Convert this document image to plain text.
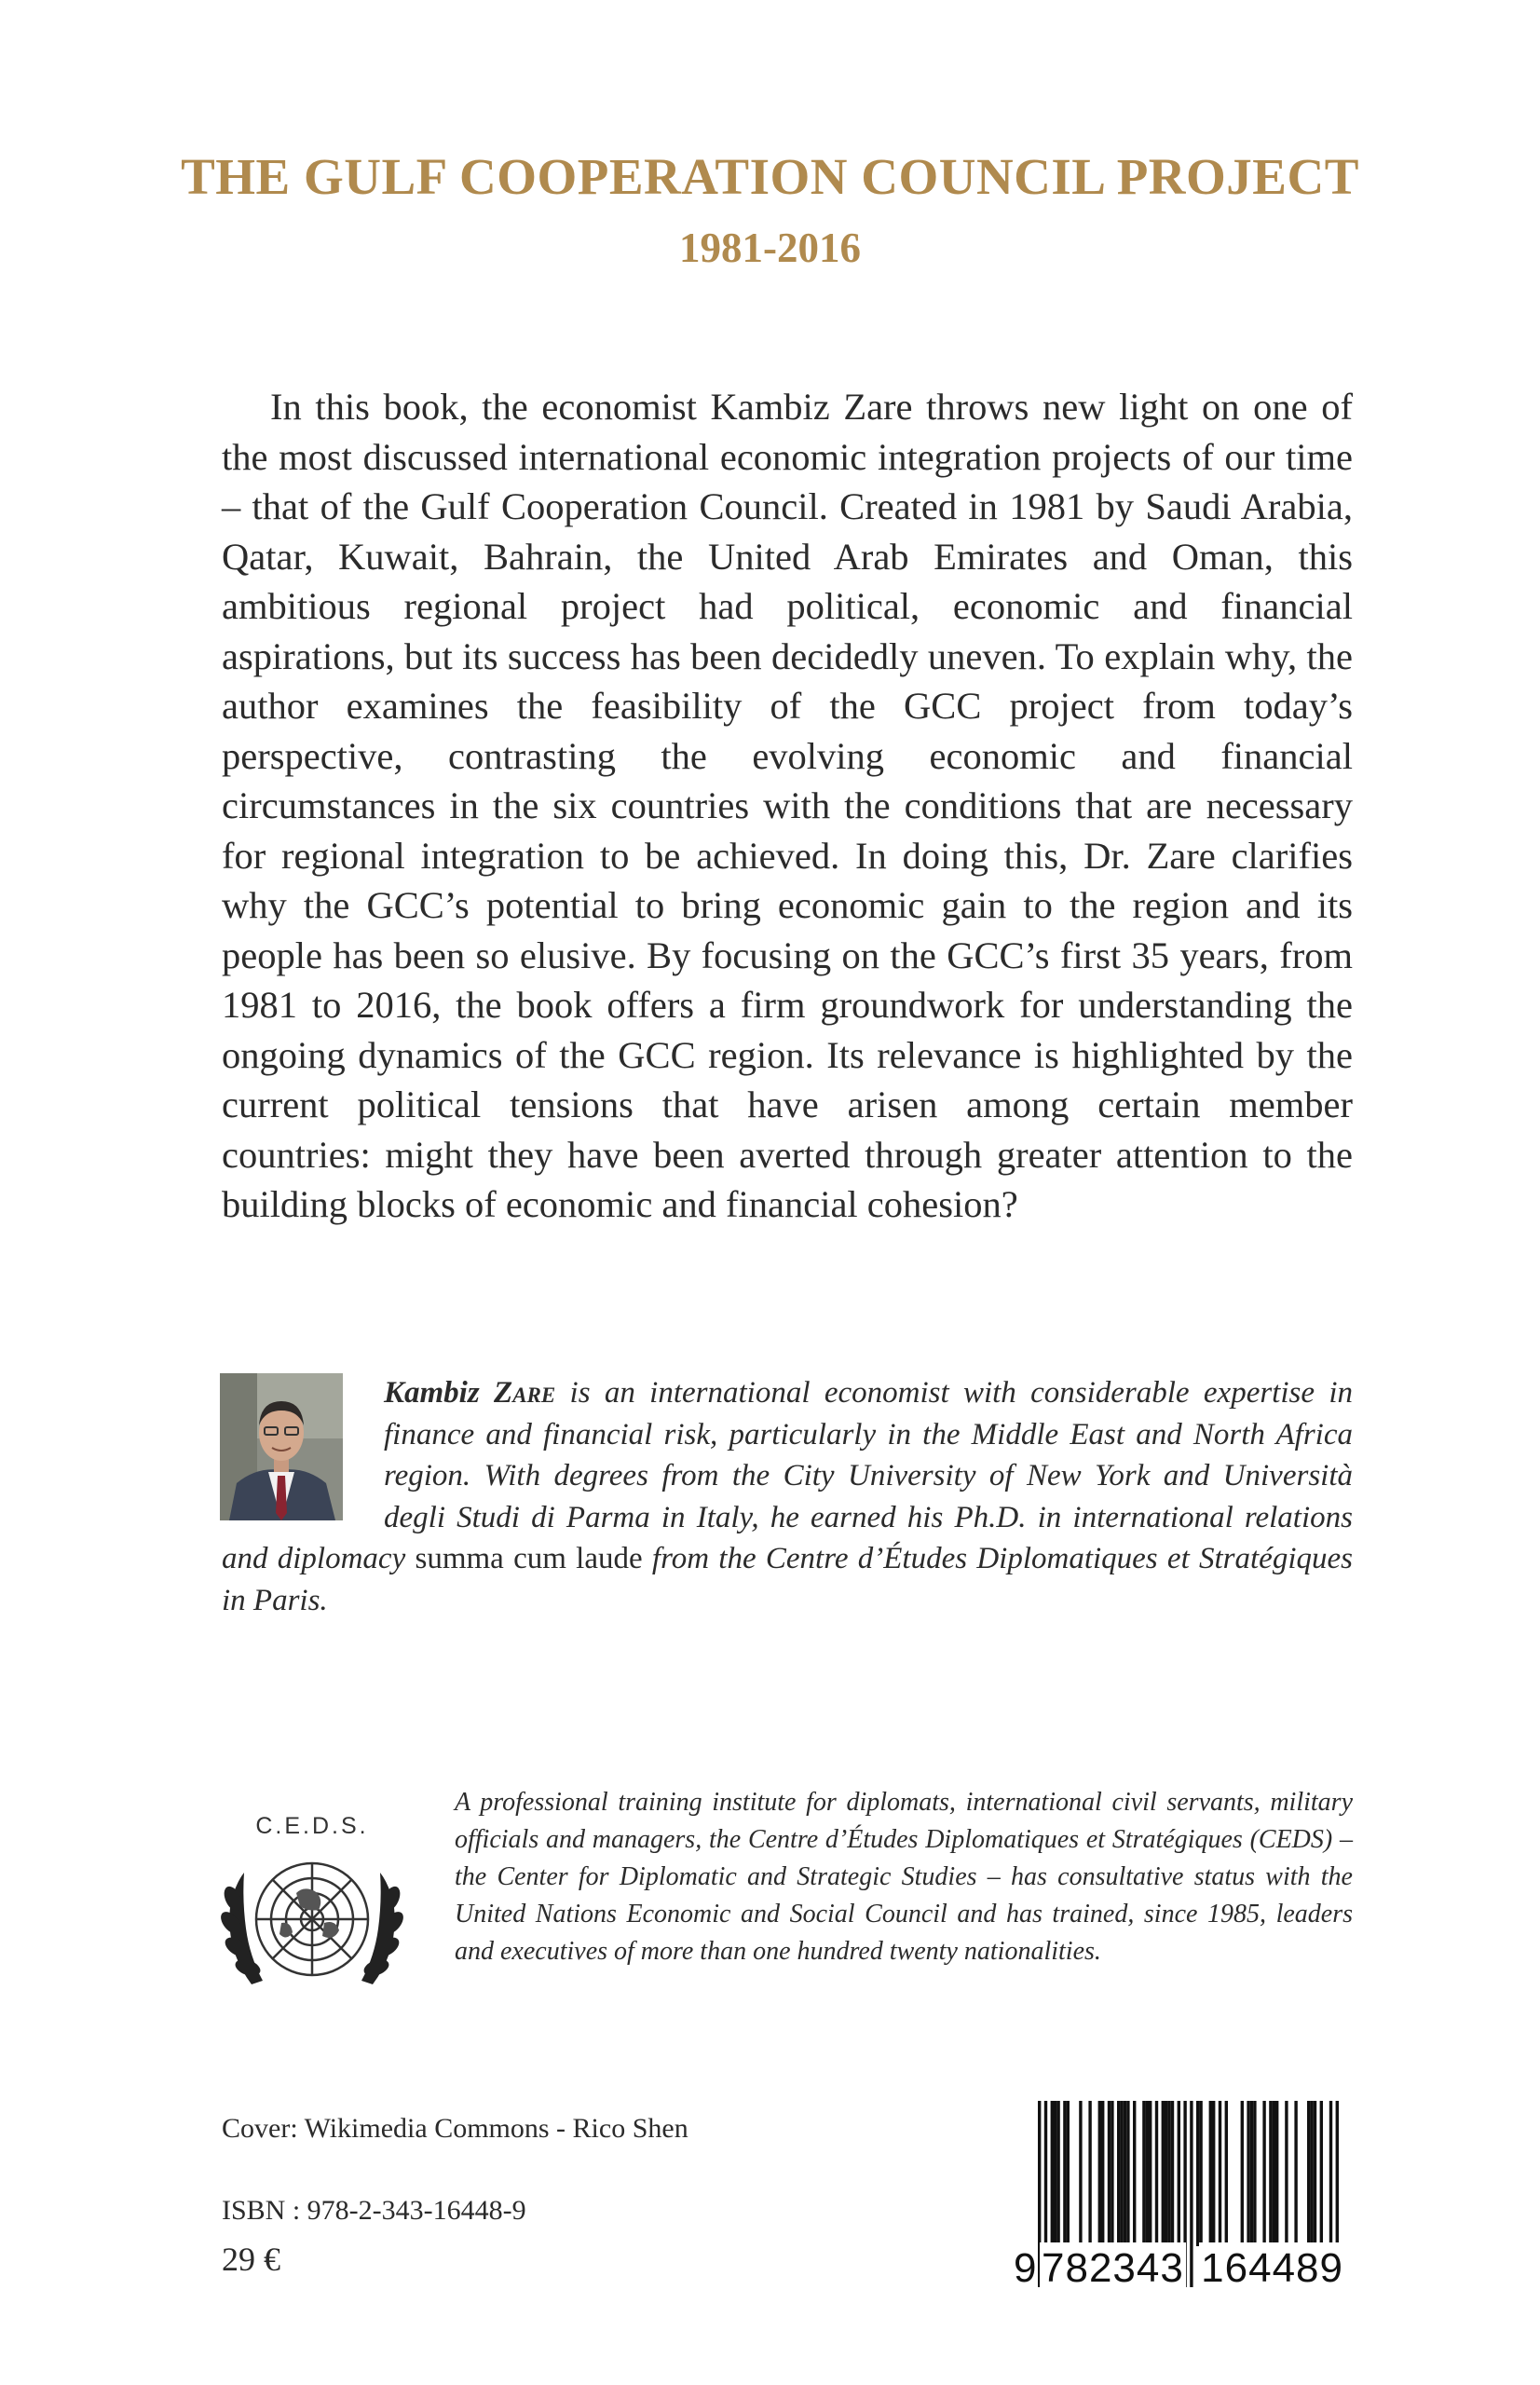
THE GULF COOPERATION COUNCIL PROJECT
1981-2016

In this book, the economist Kambiz Zare throws new light on one of the most discussed international economic integration projects of our time – that of the Gulf Cooperation Council. Created in 1981 by Saudi Arabia, Qatar, Kuwait, Bahrain, the United Arab Emirates and Oman, this ambitious regional project had political, economic and financial aspirations, but its success has been decidedly uneven. To explain why, the author examines the feasibility of the GCC project from today’s perspective, contrasting the evolving economic and financial circumstances in the six countries with the conditions that are necessary for regional integration to be achieved. In doing this, Dr. Zare clarifies why the GCC’s potential to bring economic gain to the region and its people has been so elusive. By focusing on the GCC’s first 35 years, from 1981 to 2016, the book offers a firm groundwork for understanding the ongoing dynamics of the GCC region. Its relevance is highlighted by the current political tensions that have arisen among certain member countries: might they have been averted through greater attention to the building blocks of economic and financial cohesion?

Kambiz Zare is an international economist with considerable expertise in finance and financial risk, particularly in the Middle East and North Africa region. With degrees from the City University of New York and Università degli Studi di Parma in Italy, he earned his Ph.D. in international relations and diplomacy summa cum laude from the Centre d’Études Diplomatiques et Stratégiques in Paris.

C.E.D.S.

A professional training institute for diplomats, international civil servants, military officials and managers, the Centre d’Études Diplomatiques et Stratégiques (CEDS) – the Center for Diplomatic and Strategic Studies – has consultative status with the United Nations Economic and Social Council and has trained, since 1985, leaders and executives of more than one hundred twenty nationalities.

Cover: Wikimedia Commons - Rico Shen

ISBN : 978-2-343-16448-9

29 €	9 782343 164489
